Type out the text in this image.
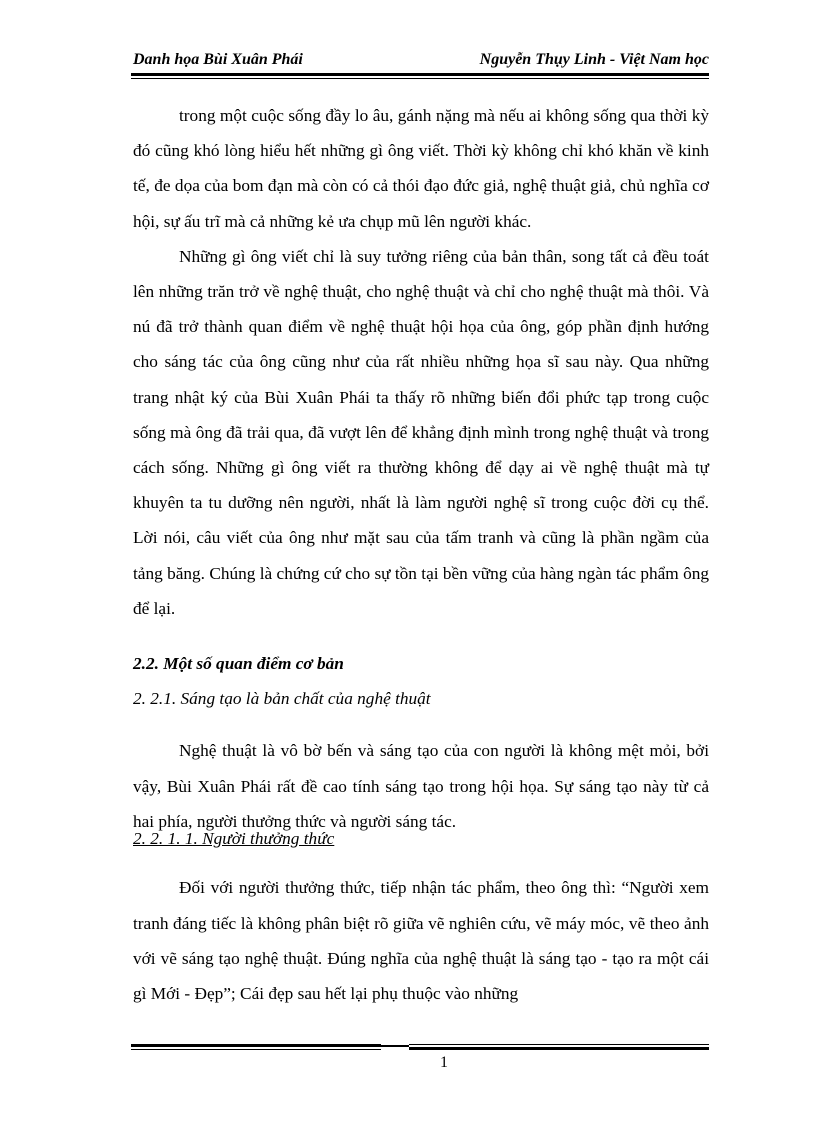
Danh họa Bùi Xuân Phái	Nguyễn Thụy Linh - Việt Nam học

trong một cuộc sống đầy lo âu, gánh nặng mà nếu ai không sống qua thời kỳ đó cũng khó lòng hiểu hết những gì ông viết. Thời kỳ không chỉ khó khăn về kinh tế, đe dọa của bom đạn mà còn có cả thói đạo đức giả, nghệ thuật giả, chủ nghĩa cơ hội, sự ấu trĩ mà cả những kẻ ưa chụp mũ lên người khác.

Những gì ông viết chỉ là suy tưởng riêng của bản thân, song tất cả đều toát lên những trăn trở về nghệ thuật, cho nghệ thuật và chỉ cho nghệ thuật mà thôi. Và nú đã trở thành quan điểm về nghệ thuật hội họa của ông, góp phần định hướng cho sáng tác của ông cũng như của rất nhiều những họa sĩ sau này. Qua những trang nhật ký của Bùi Xuân Phái ta thấy rõ những biến đổi phức tạp trong cuộc sống mà ông đã trải qua, đã vượt lên để khẳng định mình trong nghệ thuật và trong cách sống. Những gì ông viết ra thường không để dạy ai về nghệ thuật mà tự khuyên ta tu dưỡng nên người, nhất là làm người nghệ sĩ trong cuộc đời cụ thể. Lời nói, câu viết của ông như mặt sau của tấm tranh và cũng là phần ngầm của tảng băng. Chúng là chứng cứ cho sự tồn tại bền vững của hàng ngàn tác phẩm ông để lại.

2.2. Một số quan điểm cơ bản
2. 2.1. Sáng tạo là bản chất của nghệ thuật

Nghệ thuật là vô bờ bến và sáng tạo của con người là không mệt mỏi, bởi vậy, Bùi Xuân Phái rất đề cao tính sáng tạo trong hội họa. Sự sáng tạo này từ cả hai phía, người thưởng thức và người sáng tác.

2. 2. 1. 1. Người thưởng thức

Đối với người thưởng thức, tiếp nhận tác phẩm, theo ông thì: “Người xem tranh đáng tiếc là không phân biệt rõ giữa vẽ nghiên cứu, vẽ máy móc, vẽ theo ảnh với vẽ sáng tạo nghệ thuật. Đúng nghĩa của nghệ thuật là sáng tạo - tạo ra một cái gì Mới - Đẹp”; Cái đẹp sau hết lại phụ thuộc vào những

1
